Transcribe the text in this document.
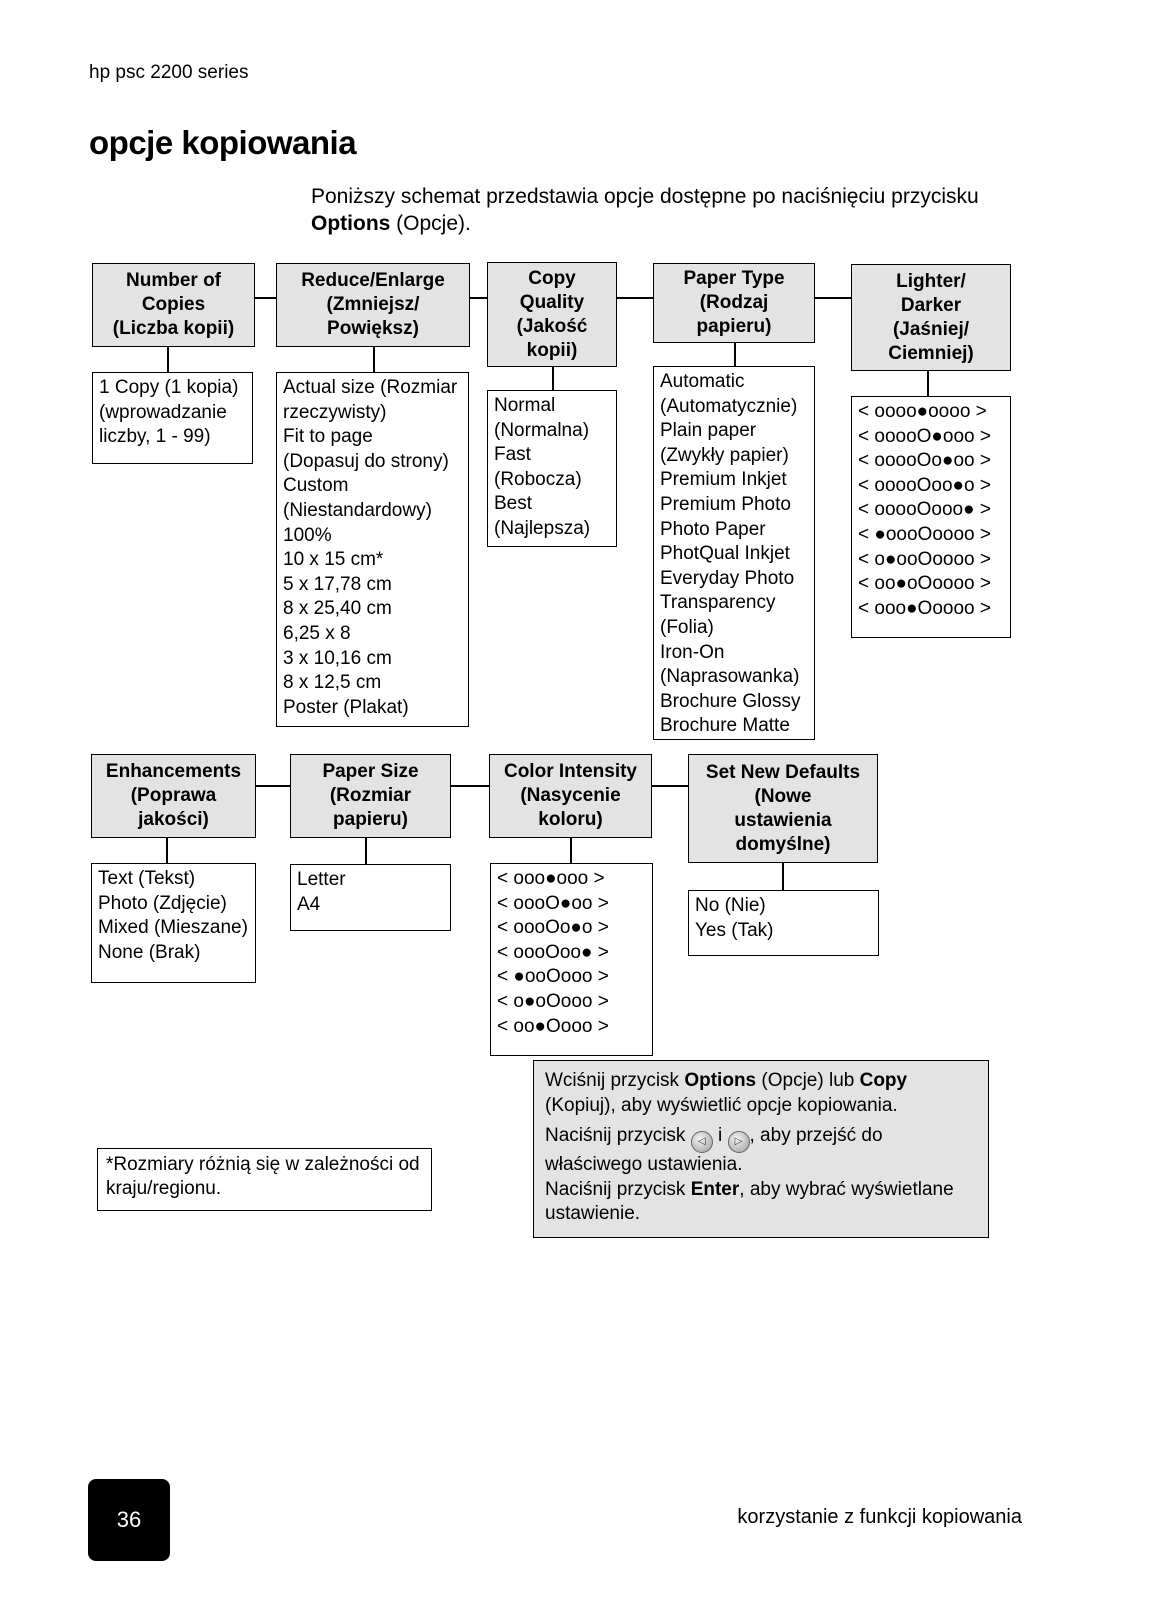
hp psc 2200 series
opcje kopiowania
Poniższy schemat przedstawia opcje dostępne po naciśnięciu przycisku Options (Opcje).
Number of
Copies
(Liczba kopii)
Reduce/Enlarge
(Zmniejsz/
Powiększ)
Copy
Quality
(Jakość
kopii)
Paper Type
(Rodzaj
papieru)
Lighter/
Darker
(Jaśniej/
Ciemniej)
1 Copy (1 kopia)
(wprowadzanie
liczby, 1 - 99)
Actual size (Rozmiar
rzeczywisty)
Fit to page
(Dopasuj do strony)
Custom
(Niestandardowy)
100%
10 x 15 cm*
5 x 17,78 cm
8 x 25,40 cm
6,25 x 8
3 x 10,16 cm
8 x 12,5 cm
Poster (Plakat)
Normal
(Normalna)
Fast
(Robocza)
Best
(Najlepsza)
Automatic
(Automatycznie)
Plain paper
(Zwykły papier)
Premium Inkjet
Premium Photo
Photo Paper
PhotQual Inkjet
Everyday Photo
Transparency
(Folia)
Iron-On
(Naprasowanka)
Brochure Glossy
Brochure Matte
< oooo●oooo >
< ooooO●ooo >
< ooooOo●oo >
< ooooOoo●o >
< ooooOooo● >
< ●oooOoooo >
< o●ooOoooo >
< oo●oOoooo >
< ooo●Ooooo >
Enhancements
(Poprawa
jakości)
Paper Size
(Rozmiar
papieru)
Color Intensity
(Nasycenie
koloru)
Set New Defaults
(Nowe
ustawienia
domyślne)
Text (Tekst)
Photo (Zdjęcie)
Mixed (Mieszane)
None (Brak)
Letter
A4
< ooo●ooo >
< oooO●oo >
< oooOo●o >
< oooOoo● >
< ●ooOooo >
< o●oOooo >
< oo●Oooo >
No (Nie)
Yes (Tak)
*Rozmiary różnią się w zależności od kraju/regionu.

Wciśnij przycisk Options (Opcje) lub Copy (Kopiuj), aby wyświetlić opcje kopiowania.

Naciśnij przycisk ◁ i ▷ , aby przejść do właściwego ustawienia.

Naciśnij przycisk Enter, aby wybrać wyświetlane ustawienie.

36	korzystanie z funkcji kopiowania
